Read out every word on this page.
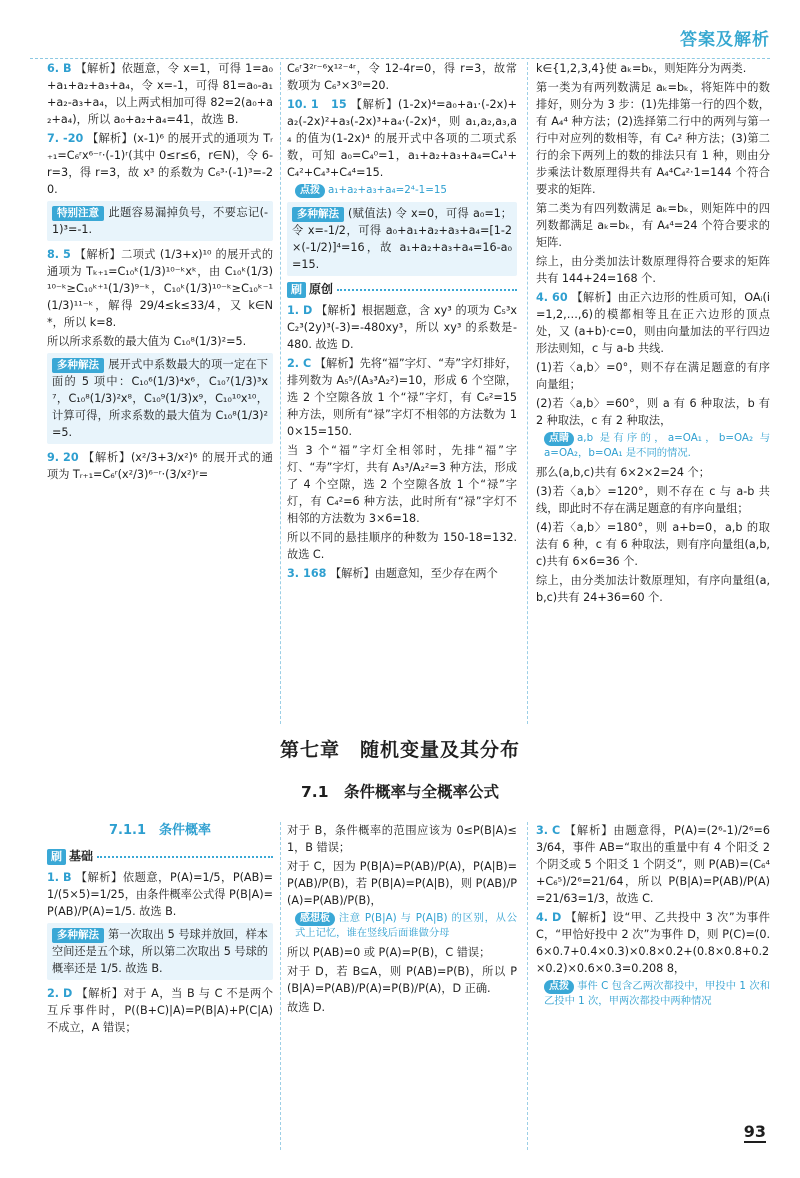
答案及解析

6. B 【解析】依题意，令 x=1，可得 1=a₀+a₁+a₂+a₃+a₄，令 x=-1，可得 81=a₀-a₁+a₂-a₃+a₄，以上两式相加可得 82=2(a₀+a₂+a₄)，所以 a₀+a₂+a₄=41，故选 B.

7. -20 【解析】(x-1)⁶ 的展开式的通项为 Tᵣ₊₁=C₆ʳx⁶⁻ʳ·(-1)ʳ(其中 0≤r≤6，r∈N)，令 6-r=3，得 r=3，故 x³ 的系数为 C₆³·(-1)³=-20.

特别注意 此题容易漏掉负号，不要忘记(-1)³=-1.

8. 5 【解析】二项式 (1/3+x)¹⁰ 的展开式的通项为 Tₖ₊₁=C₁₀ᵏ(1/3)¹⁰⁻ᵏxᵏ，由 C₁₀ᵏ(1/3)¹⁰⁻ᵏ≥C₁₀ᵏ⁺¹(1/3)⁹⁻ᵏ，C₁₀ᵏ(1/3)¹⁰⁻ᵏ≥C₁₀ᵏ⁻¹(1/3)¹¹⁻ᵏ，解得 29/4≤k≤33/4，又 k∈N*，所以 k=8.

所以所求系数的最大值为 C₁₀⁸(1/3)²=5.

多种解法 展开式中系数最大的项一定在下面的 5 项中：C₁₀⁶(1/3)⁴x⁶，C₁₀⁷(1/3)³x⁷，C₁₀⁸(1/3)²x⁸，C₁₀⁹(1/3)x⁹，C₁₀¹⁰x¹⁰，计算可得，所求系数的最大值为 C₁₀⁸(1/3)²=5.

9. 20 【解析】(x²/3+3/x²)⁶ 的展开式的通项为 Tᵣ₊₁=C₆ʳ(x²/3)⁶⁻ʳ·(3/x²)ʳ=

C₆ʳ3²ʳ⁻⁶x¹²⁻⁴ʳ，令 12-4r=0，得 r=3，故常数项为 C₆³×3⁰=20.

10. 1　15 【解析】(1-2x)⁴=a₀+a₁·(-2x)+a₂(-2x)²+a₃(-2x)³+a₄·(-2x)⁴，则 a₁,a₂,a₃,a₄ 的值为(1-2x)⁴ 的展开式中各项的二项式系数，可知 a₀=C₄⁰=1，a₁+a₂+a₃+a₄=C₄¹+C₄²+C₄³+C₄⁴=15.

点拨 a₁+a₂+a₃+a₄=2⁴-1=15
多种解法 (赋值法) 令 x=0，可得 a₀=1；令 x=-1/2，可得 a₀+a₁+a₂+a₃+a₄=[1-2×(-1/2)]⁴=16，故 a₁+a₂+a₃+a₄=16-a₀=15.
刷 原创

1. D 【解析】根据题意，含 xy³ 的项为 C₅³xC₂³(2y)³(-3)=-480xy³，所以 xy³ 的系数是-480. 故选 D.

2. C 【解析】先将“福”字灯、“寿”字灯排好，排列数为 A₅⁵/(A₃³A₂²)=10，形成 6 个空隙，选 2 个空隙各放 1 个“禄”字灯，有 C₆²=15 种方法，则所有“禄”字灯不相邻的方法数为 10×15=150.

当 3 个“福”字灯全相邻时，先排“福”字灯、“寿”字灯，共有 A₃³/A₂²=3 种方法，形成了 4 个空隙，选 2 个空隙各放 1 个“禄”字灯，有 C₄²=6 种方法，此时所有“禄”字灯不相邻的方法数为 3×6=18.

所以不同的悬挂顺序的种数为 150-18=132. 故选 C.

3. 168 【解析】由题意知，至少存在两个

k∈{1,2,3,4}使 aₖ=bₖ，则矩阵分为两类.

第一类为有两列数满足 aₖ=bₖ，将矩阵中的数排好，则分为 3 步：(1)先排第一行的四个数，有 A₄⁴ 种方法；(2)选择第二行中的两列与第一行中对应列的数相等，有 C₄² 种方法；(3)第二行的余下两列上的数的排法只有 1 种，则由分步乘法计数原理得共有 A₄⁴C₄²·1=144 个符合要求的矩阵.

第二类为有四列数满足 aₖ=bₖ，则矩阵中的四列数都满足 aₖ=bₖ，有 A₄⁴=24 个符合要求的矩阵.

综上，由分类加法计数原理得符合要求的矩阵共有 144+24=168 个.

4. 60 【解析】由正六边形的性质可知，OAᵢ(i=1,2,…,6)的模都相等且在正六边形的顶点处，又 (a+b)·c=0，则由向量加法的平行四边形法则知，c 与 a-b 共线.

(1)若〈a,b〉=0°，则不存在满足题意的有序向量组；

(2)若〈a,b〉=60°，则 a 有 6 种取法，b 有 2 种取法，c 有 2 种取法，

点睛 a,b 是有序的，a=OA₁，b=OA₂ 与 a=OA₂，b=OA₁ 是不同的情况.

那么(a,b,c)共有 6×2×2=24 个；

(3)若〈a,b〉=120°，则不存在 c 与 a-b 共线，即此时不存在满足题意的有序向量组；

(4)若〈a,b〉=180°，则 a+b=0，a,b 的取法有 6 种，c 有 6 种取法，则有序向量组(a,b,c)共有 6×6=36 个.

综上，由分类加法计数原理知，有序向量组(a,b,c)共有 24+36=60 个.

第七章　随机变量及其分布
7.1　条件概率与全概率公式
7.1.1　条件概率
刷 基础

1. B 【解析】依题意，P(A)=1/5，P(AB)=1/(5×5)=1/25，由条件概率公式得 P(B|A)=P(AB)/P(A)=1/5. 故选 B.

多种解法 第一次取出 5 号球并放回，样本空间还是五个球，所以第二次取出 5 号球的概率还是 1/5. 故选 B.

2. D 【解析】对于 A，当 B 与 C 不是两个互斥事件时，P((B+C)|A)=P(B|A)+P(C|A)不成立，A 错误；

对于 B，条件概率的范围应该为 0≤P(B|A)≤1，B 错误；

对于 C，因为 P(B|A)=P(AB)/P(A)，P(A|B)=P(AB)/P(B)，若 P(B|A)=P(A|B)，则 P(AB)/P(A)=P(AB)/P(B)，

感想板 注意 P(B|A) 与 P(A|B) 的区别，从公式上记忆，谁在竖线后面谁做分母

所以 P(AB)=0 或 P(A)=P(B)，C 错误；

对于 D，若 B⊆A，则 P(AB)=P(B)，所以 P(B|A)=P(AB)/P(A)=P(B)/P(A)，D 正确.

故选 D.

3. C 【解析】由题意得，P(A)=(2⁶-1)/2⁶=63/64，事件 AB=“取出的重量中有 4 个阳爻 2 个阴爻或 5 个阳爻 1 个阴爻”，则 P(AB)=(C₆⁴+C₆⁵)/2⁶=21/64，所以 P(B|A)=P(AB)/P(A)=21/63=1/3，故选 C.

4. D 【解析】设“甲、乙共投中 3 次”为事件 C，“甲恰好投中 2 次”为事件 D，则 P(C)=(0.6×0.7+0.4×0.3)×0.8×0.2+(0.8×0.8+0.2×0.2)×0.6×0.3=0.208 8，

点拨 事件 C 包含乙两次都投中，甲投中 1 次和乙投中 1 次，甲两次都投中两种情况
93
